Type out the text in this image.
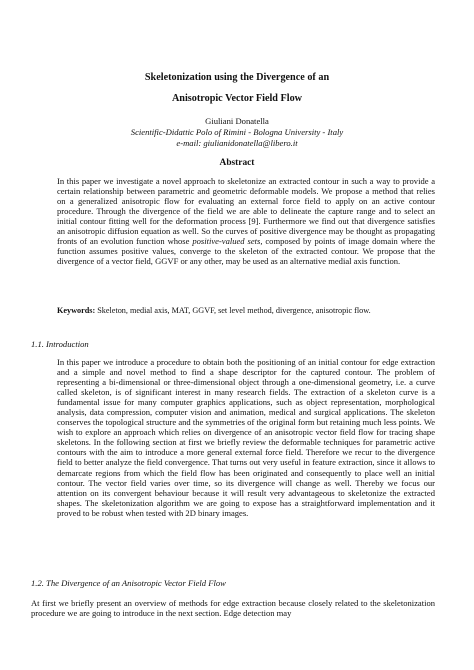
Skeletonization using the Divergence of an
Anisotropic Vector Field Flow
Giuliani Donatella
Scientific-Didattic Polo of Rimini - Bologna University - Italy
e-mail: giulianidonatella@libero.it
Abstract
In this paper we investigate a novel approach to skeletonize an extracted contour in such a way to provide a certain relationship between parametric and geometric deformable models. We propose a method that relies on a generalized anisotropic flow for evaluating an external force field to apply on an active contour procedure. Through the divergence of the field we are able to delineate the capture range and to select an initial contour fitting well for the deformation process [9]. Furthermore we find out that divergence satisfies an anisotropic diffusion equation as well. So the curves of positive divergence may be thought as propagating fronts of an evolution function whose positive-valued sets, composed by points of image domain where the function assumes positive values, converge to the skeleton of the extracted contour. We propose that the divergence of a vector field, GGVF or any other, may be used as an alternative medial axis function.
Keywords: Skeleton, medial axis, MAT, GGVF, set level method, divergence, anisotropic flow.
1.1. Introduction
In this paper we introduce a procedure to obtain both the positioning of an initial contour for edge extraction and a simple and novel method to find a shape descriptor for the captured contour. The problem of representing a bi-dimensional or three-dimensional object through a one-dimensional geometry, i.e. a curve called skeleton, is of significant interest in many research fields. The extraction of a skeleton curve is a fundamental issue for many computer graphics applications, such as object representation, morphological analysis, data compression, computer vision and animation, medical and surgical applications. The skeleton conserves the topological structure and the symmetries of the original form but retaining much less points. We wish to explore an approach which relies on divergence of an anisotropic vector field flow for tracing shape skeletons. In the following section at first we briefly review the deformable techniques for parametric active contours with the aim to introduce a more general external force field. Therefore we recur to the divergence field to better analyze the field convergence. That turns out very useful in feature extraction, since it allows to demarcate regions from which the field flow has been originated and consequently to place well an initial contour. The vector field varies over time, so its divergence will change as well. Thereby we focus our attention on its convergent behaviour because it will result very advantageous to skeletonize the extracted shapes. The skeletonization algorithm we are going to expose has a straightforward implementation and it proved to be robust when tested with 2D binary images.
1.2. The Divergence of an Anisotropic Vector Field Flow
At first we briefly present an overview of methods for edge extraction because closely related to the skeletonization procedure we are going to introduce in the next section. Edge detection may
